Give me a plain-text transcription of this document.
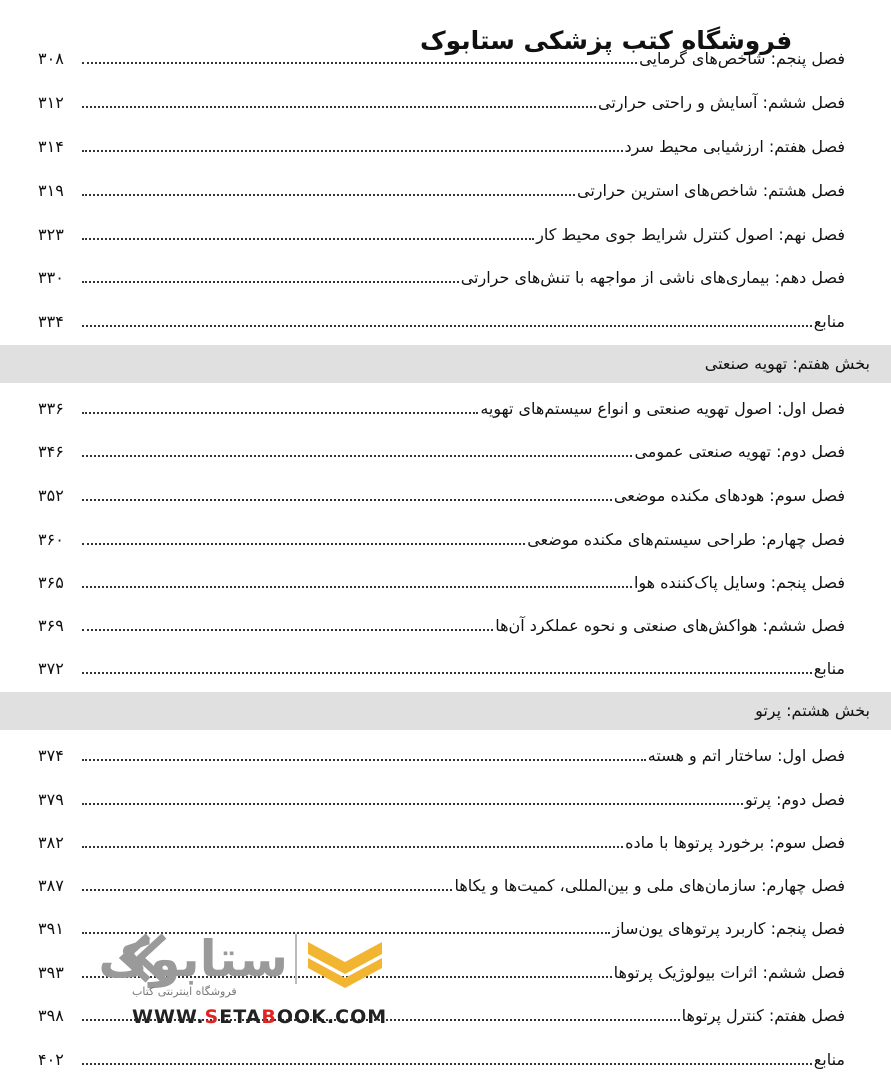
فروشگاه کتب پزشکی ستابوک
فصل پنجم: شاخص‌های گرمایی
۳۰۸
فصل ششم: آسایش و راحتی حرارتی
۳۱۲
فصل هفتم: ارزشیابی محیط سرد
۳۱۴
فصل هشتم: شاخص‌های استرین حرارتی
۳۱۹
فصل نهم: اصول کنترل شرایط جوی محیط کار
۳۲۳
فصل دهم: بیماری‌های ناشی از مواجهه با تنش‌های حرارتی
۳۳۰
منابع
۳۳۴
بخش هفتم: تهویه صنعتی
فصل اول: اصول تهویه صنعتی و انواع سیستم‌های تهویه
۳۳۶
فصل دوم: تهویه صنعتی عمومی
۳۴۶
فصل سوم: هودهای مکنده موضعی
۳۵۲
فصل چهارم: طراحی سیستم‌های مکنده موضعی
۳۶۰
فصل پنجم: وسایل پاک‌کننده هوا
۳۶۵
فصل ششم: هواکش‌های صنعتی و نحوه عملکرد آن‌ها
۳۶۹
منابع
۳۷۲
بخش هشتم: پرتو
فصل اول: ساختار اتم و هسته
۳۷۴
فصل دوم: پرتو
۳۷۹
فصل سوم: برخورد پرتوها با ماده
۳۸۲
فصل چهارم: سازمان‌های ملی و بین‌المللی، کمیت‌ها و یکاها
۳۸۷
فصل پنجم: کاربرد پرتوهای یون‌ساز
۳۹۱
فصل ششم: اثرات بیولوژیک پرتوها
۳۹۳
فصل هفتم: کنترل پرتوها
۳۹۸
منابع
۴۰۲
ستابوک
فروشگاه اینترنتی کتاب
WWW.SETABOOK.COM
